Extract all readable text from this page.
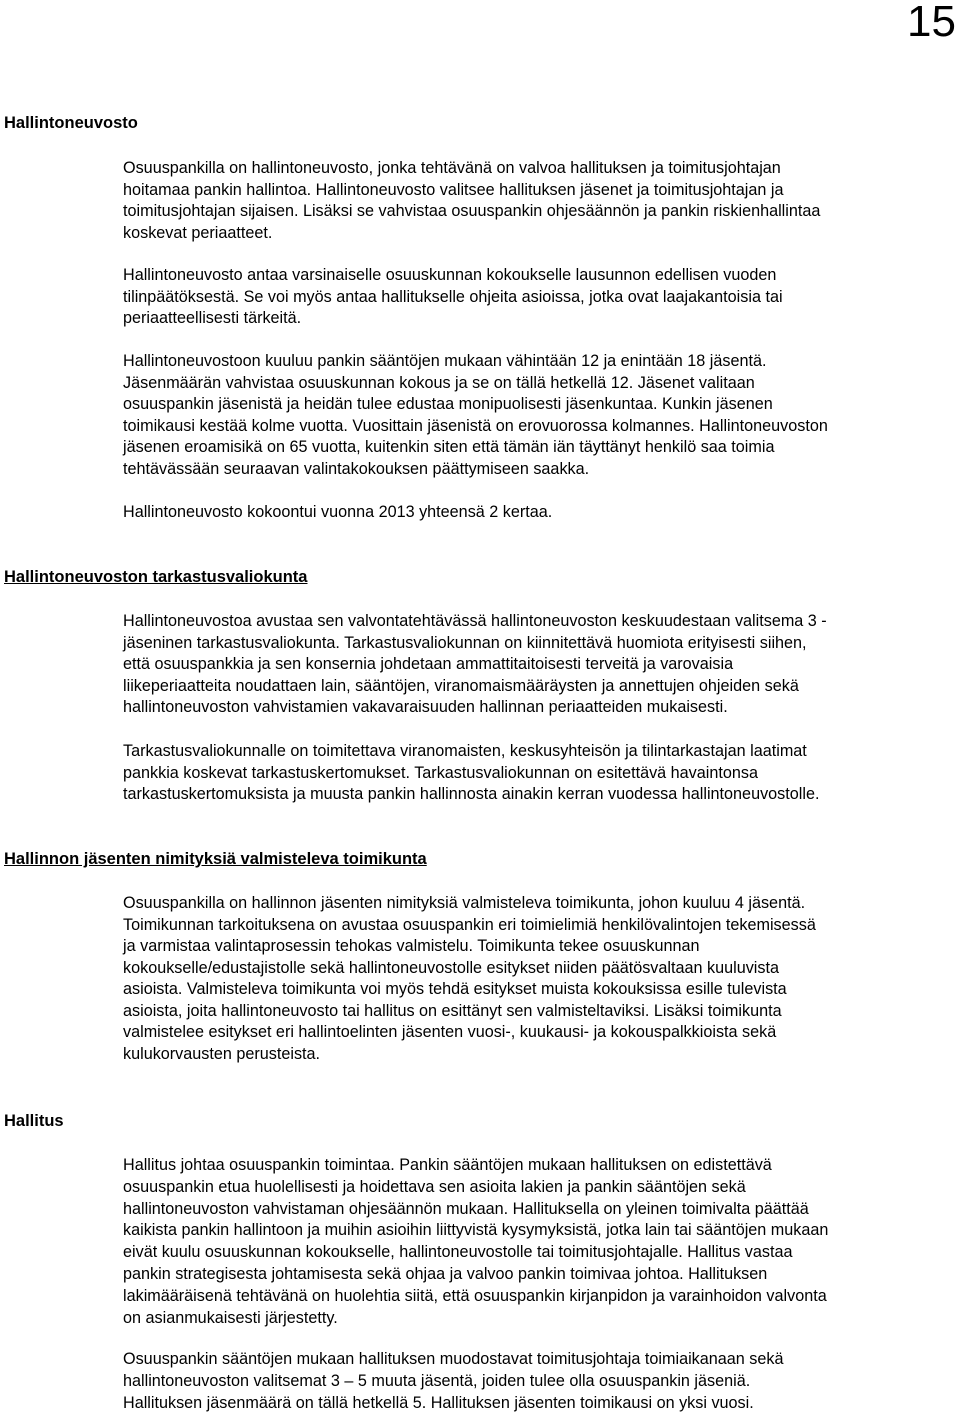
15
Hallintoneuvosto

Osuuspankilla on hallintoneuvosto, jonka tehtävänä on valvoa hallituksen ja toimitusjohtajan
hoitamaa pankin hallintoa. Hallintoneuvosto valitsee hallituksen jäsenet ja toimitusjohtajan ja
toimitusjohtajan sijaisen. Lisäksi se vahvistaa osuuspankin ohjesäännön ja pankin riskienhallintaa
koskevat periaatteet.

Hallintoneuvosto antaa varsinaiselle osuuskunnan kokoukselle lausunnon edellisen vuoden
tilinpäätöksestä. Se voi myös antaa hallitukselle ohjeita asioissa, jotka ovat laajakantoisia tai
periaatteellisesti tärkeitä.

Hallintoneuvostoon kuuluu pankin sääntöjen mukaan vähintään 12 ja enintään 18 jäsentä.
Jäsenmäärän vahvistaa osuuskunnan kokous ja se on tällä hetkellä 12. Jäsenet valitaan
osuuspankin jäsenistä ja heidän tulee edustaa monipuolisesti jäsenkuntaa. Kunkin jäsenen
toimikausi kestää kolme vuotta. Vuosittain jäsenistä on erovuorossa kolmannes. Hallintoneuvoston
jäsenen eroamisikä on 65 vuotta, kuitenkin siten että tämän iän täyttänyt henkilö saa toimia
tehtävässään seuraavan valintakokouksen päättymiseen saakka.

Hallintoneuvosto kokoontui vuonna 2013 yhteensä 2 kertaa.

Hallintoneuvoston tarkastusvaliokunta

Hallintoneuvostoa avustaa sen valvontatehtävässä hallintoneuvoston keskuudestaan valitsema 3 -
jäseninen tarkastusvaliokunta. Tarkastusvaliokunnan on kiinnitettävä huomiota erityisesti siihen,
että osuuspankkia ja sen konsernia johdetaan ammattitaitoisesti terveitä ja varovaisia
liikeperiaatteita noudattaen lain, sääntöjen, viranomaismääräysten ja annettujen ohjeiden sekä
hallintoneuvoston vahvistamien vakavaraisuuden hallinnan periaatteiden mukaisesti.

Tarkastusvaliokunnalle on toimitettava viranomaisten, keskusyhteisön ja tilintarkastajan laatimat
pankkia koskevat tarkastuskertomukset. Tarkastusvaliokunnan on esitettävä havaintonsa
tarkastuskertomuksista ja muusta pankin hallinnosta ainakin kerran vuodessa hallintoneuvostolle.

Hallinnon jäsenten nimityksiä valmisteleva toimikunta

Osuuspankilla on hallinnon jäsenten nimityksiä valmisteleva toimikunta, johon kuuluu 4 jäsentä.
Toimikunnan tarkoituksena on avustaa osuuspankin eri toimielimiä henkilövalintojen tekemisessä
ja varmistaa valintaprosessin tehokas valmistelu. Toimikunta tekee osuuskunnan
kokoukselle/edustajistolle sekä hallintoneuvostolle esitykset niiden päätösvaltaan kuuluvista
asioista. Valmisteleva toimikunta voi myös tehdä esitykset muista kokouksissa esille tulevista
asioista, joita hallintoneuvosto tai hallitus on esittänyt sen valmisteltaviksi. Lisäksi toimikunta
valmistelee esitykset eri hallintoelinten jäsenten vuosi-, kuukausi- ja kokouspalkkioista sekä
kulukorvausten perusteista.

Hallitus

Hallitus johtaa osuuspankin toimintaa. Pankin sääntöjen mukaan hallituksen on edistettävä
osuuspankin etua huolellisesti ja hoidettava sen asioita lakien ja pankin sääntöjen sekä
hallintoneuvoston vahvistaman ohjesäännön mukaan. Hallituksella on yleinen toimivalta päättää
kaikista pankin hallintoon ja muihin asioihin liittyvistä kysymyksistä, jotka lain tai sääntöjen mukaan
eivät kuulu osuuskunnan kokoukselle, hallintoneuvostolle tai toimitusjohtajalle. Hallitus vastaa
pankin strategisesta johtamisesta sekä ohjaa ja valvoo pankin toimivaa johtoa. Hallituksen
lakimääräisenä tehtävänä on huolehtia siitä, että osuuspankin kirjanpidon ja varainhoidon valvonta
on asianmukaisesti järjestetty.

Osuuspankin sääntöjen mukaan hallituksen muodostavat toimitusjohtaja toimiaikanaan sekä
hallintoneuvoston valitsemat 3 – 5 muuta jäsentä, joiden tulee olla osuuspankin jäseniä.
Hallituksen jäsenmäärä on tällä hetkellä 5. Hallituksen jäsenten toimikausi on yksi vuosi.
